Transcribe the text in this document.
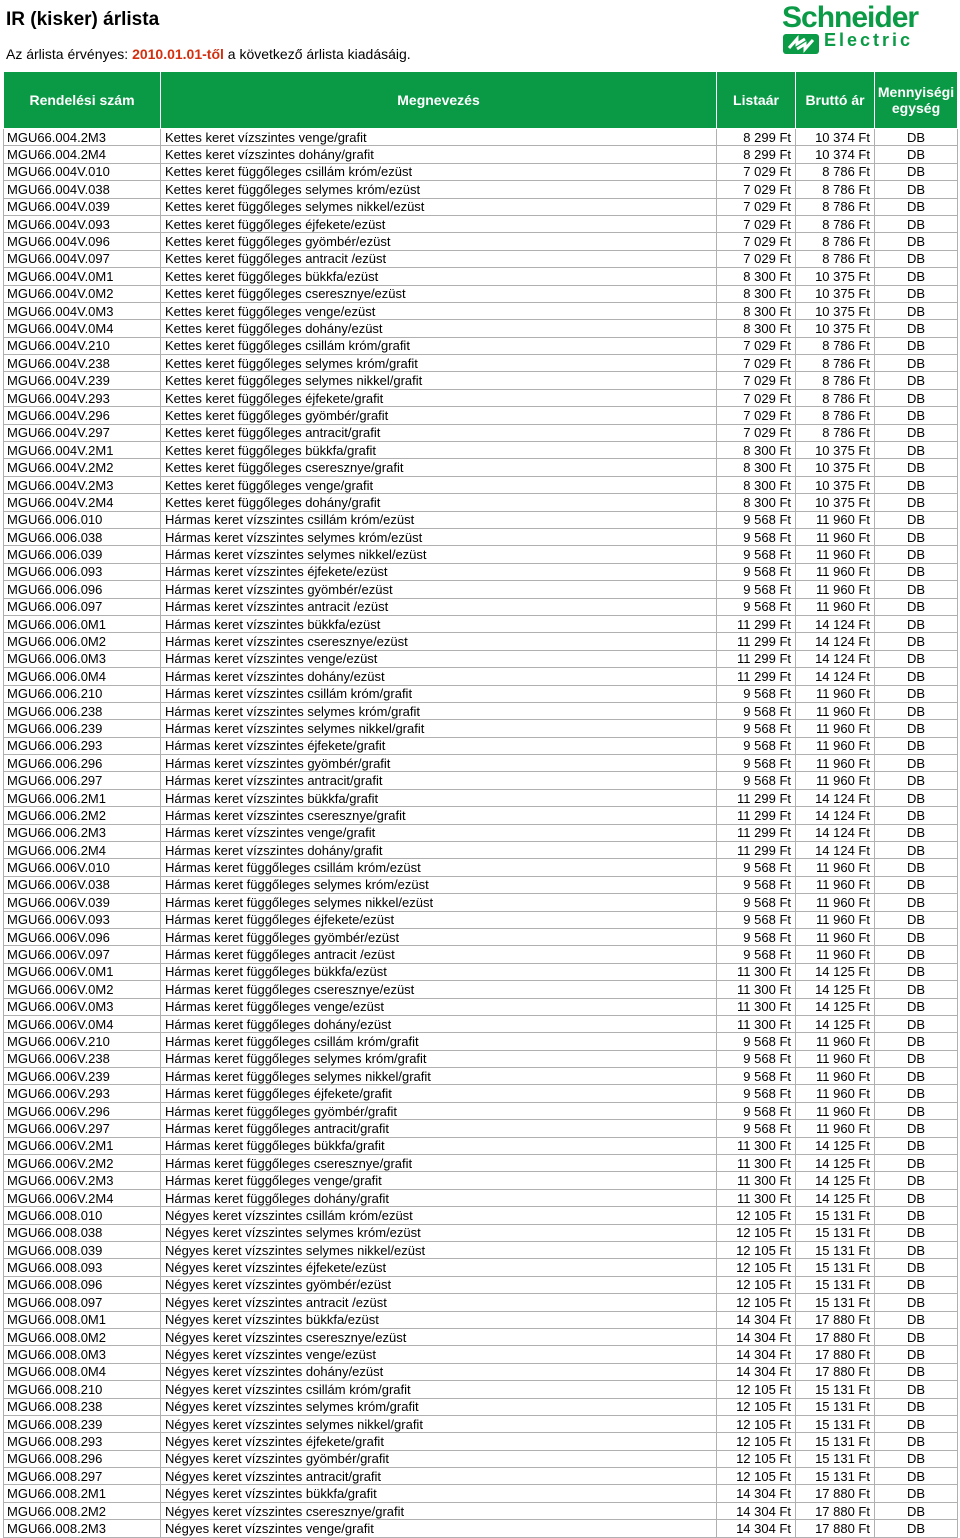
IR (kisker) árlista
Az árlista érvényes: 2010.01.01-től a következő árlista kiadásáig.
Schneider
Electric
Rendelési szám	Megnevezés	Listaár	Bruttó ár	Mennyiségi egység
MGU66.004.2M3	Kettes keret vízszintes venge/grafit	8 299 Ft	10 374 Ft	DB
MGU66.004.2M4	Kettes keret vízszintes dohány/grafit	8 299 Ft	10 374 Ft	DB
MGU66.004V.010	Kettes keret függőleges csillám króm/ezüst	7 029 Ft	8 786 Ft	DB
MGU66.004V.038	Kettes keret függőleges selymes króm/ezüst	7 029 Ft	8 786 Ft	DB
MGU66.004V.039	Kettes keret függőleges selymes nikkel/ezüst	7 029 Ft	8 786 Ft	DB
MGU66.004V.093	Kettes keret függőleges éjfekete/ezüst	7 029 Ft	8 786 Ft	DB
MGU66.004V.096	Kettes keret függőleges gyömbér/ezüst	7 029 Ft	8 786 Ft	DB
MGU66.004V.097	Kettes keret függőleges antracit /ezüst	7 029 Ft	8 786 Ft	DB
MGU66.004V.0M1	Kettes keret függőleges bükkfa/ezüst	8 300 Ft	10 375 Ft	DB
MGU66.004V.0M2	Kettes keret függőleges cseresznye/ezüst	8 300 Ft	10 375 Ft	DB
MGU66.004V.0M3	Kettes keret függőleges venge/ezüst	8 300 Ft	10 375 Ft	DB
MGU66.004V.0M4	Kettes keret függőleges dohány/ezüst	8 300 Ft	10 375 Ft	DB
MGU66.004V.210	Kettes keret függőleges csillám króm/grafit	7 029 Ft	8 786 Ft	DB
MGU66.004V.238	Kettes keret függőleges selymes króm/grafit	7 029 Ft	8 786 Ft	DB
MGU66.004V.239	Kettes keret függőleges selymes nikkel/grafit	7 029 Ft	8 786 Ft	DB
MGU66.004V.293	Kettes keret függőleges éjfekete/grafit	7 029 Ft	8 786 Ft	DB
MGU66.004V.296	Kettes keret függőleges gyömbér/grafit	7 029 Ft	8 786 Ft	DB
MGU66.004V.297	Kettes keret függőleges antracit/grafit	7 029 Ft	8 786 Ft	DB
MGU66.004V.2M1	Kettes keret függőleges bükkfa/grafit	8 300 Ft	10 375 Ft	DB
MGU66.004V.2M2	Kettes keret függőleges cseresznye/grafit	8 300 Ft	10 375 Ft	DB
MGU66.004V.2M3	Kettes keret függőleges venge/grafit	8 300 Ft	10 375 Ft	DB
MGU66.004V.2M4	Kettes keret függőleges dohány/grafit	8 300 Ft	10 375 Ft	DB
MGU66.006.010	Hármas keret vízszintes csillám króm/ezüst	9 568 Ft	11 960 Ft	DB
MGU66.006.038	Hármas keret vízszintes selymes króm/ezüst	9 568 Ft	11 960 Ft	DB
MGU66.006.039	Hármas keret vízszintes selymes nikkel/ezüst	9 568 Ft	11 960 Ft	DB
MGU66.006.093	Hármas keret vízszintes éjfekete/ezüst	9 568 Ft	11 960 Ft	DB
MGU66.006.096	Hármas keret vízszintes gyömbér/ezüst	9 568 Ft	11 960 Ft	DB
MGU66.006.097	Hármas keret vízszintes antracit /ezüst	9 568 Ft	11 960 Ft	DB
MGU66.006.0M1	Hármas keret vízszintes bükkfa/ezüst	11 299 Ft	14 124 Ft	DB
MGU66.006.0M2	Hármas keret vízszintes cseresznye/ezüst	11 299 Ft	14 124 Ft	DB
MGU66.006.0M3	Hármas keret vízszintes venge/ezüst	11 299 Ft	14 124 Ft	DB
MGU66.006.0M4	Hármas keret vízszintes dohány/ezüst	11 299 Ft	14 124 Ft	DB
MGU66.006.210	Hármas keret vízszintes csillám króm/grafit	9 568 Ft	11 960 Ft	DB
MGU66.006.238	Hármas keret vízszintes selymes króm/grafit	9 568 Ft	11 960 Ft	DB
MGU66.006.239	Hármas keret vízszintes selymes nikkel/grafit	9 568 Ft	11 960 Ft	DB
MGU66.006.293	Hármas keret vízszintes éjfekete/grafit	9 568 Ft	11 960 Ft	DB
MGU66.006.296	Hármas keret vízszintes gyömbér/grafit	9 568 Ft	11 960 Ft	DB
MGU66.006.297	Hármas keret vízszintes antracit/grafit	9 568 Ft	11 960 Ft	DB
MGU66.006.2M1	Hármas keret vízszintes bükkfa/grafit	11 299 Ft	14 124 Ft	DB
MGU66.006.2M2	Hármas keret vízszintes cseresznye/grafit	11 299 Ft	14 124 Ft	DB
MGU66.006.2M3	Hármas keret vízszintes venge/grafit	11 299 Ft	14 124 Ft	DB
MGU66.006.2M4	Hármas keret vízszintes dohány/grafit	11 299 Ft	14 124 Ft	DB
MGU66.006V.010	Hármas keret függőleges csillám króm/ezüst	9 568 Ft	11 960 Ft	DB
MGU66.006V.038	Hármas keret függőleges selymes króm/ezüst	9 568 Ft	11 960 Ft	DB
MGU66.006V.039	Hármas keret függőleges selymes nikkel/ezüst	9 568 Ft	11 960 Ft	DB
MGU66.006V.093	Hármas keret függőleges éjfekete/ezüst	9 568 Ft	11 960 Ft	DB
MGU66.006V.096	Hármas keret függőleges gyömbér/ezüst	9 568 Ft	11 960 Ft	DB
MGU66.006V.097	Hármas keret függőleges antracit /ezüst	9 568 Ft	11 960 Ft	DB
MGU66.006V.0M1	Hármas keret függőleges bükkfa/ezüst	11 300 Ft	14 125 Ft	DB
MGU66.006V.0M2	Hármas keret függőleges cseresznye/ezüst	11 300 Ft	14 125 Ft	DB
MGU66.006V.0M3	Hármas keret függőleges venge/ezüst	11 300 Ft	14 125 Ft	DB
MGU66.006V.0M4	Hármas keret függőleges dohány/ezüst	11 300 Ft	14 125 Ft	DB
MGU66.006V.210	Hármas keret függőleges csillám króm/grafit	9 568 Ft	11 960 Ft	DB
MGU66.006V.238	Hármas keret függőleges selymes króm/grafit	9 568 Ft	11 960 Ft	DB
MGU66.006V.239	Hármas keret függőleges selymes nikkel/grafit	9 568 Ft	11 960 Ft	DB
MGU66.006V.293	Hármas keret függőleges éjfekete/grafit	9 568 Ft	11 960 Ft	DB
MGU66.006V.296	Hármas keret függőleges gyömbér/grafit	9 568 Ft	11 960 Ft	DB
MGU66.006V.297	Hármas keret függőleges antracit/grafit	9 568 Ft	11 960 Ft	DB
MGU66.006V.2M1	Hármas keret függőleges bükkfa/grafit	11 300 Ft	14 125 Ft	DB
MGU66.006V.2M2	Hármas keret függőleges cseresznye/grafit	11 300 Ft	14 125 Ft	DB
MGU66.006V.2M3	Hármas keret függőleges venge/grafit	11 300 Ft	14 125 Ft	DB
MGU66.006V.2M4	Hármas keret függőleges dohány/grafit	11 300 Ft	14 125 Ft	DB
MGU66.008.010	Négyes keret vízszintes csillám króm/ezüst	12 105 Ft	15 131 Ft	DB
MGU66.008.038	Négyes keret vízszintes selymes króm/ezüst	12 105 Ft	15 131 Ft	DB
MGU66.008.039	Négyes keret vízszintes selymes nikkel/ezüst	12 105 Ft	15 131 Ft	DB
MGU66.008.093	Négyes keret vízszintes éjfekete/ezüst	12 105 Ft	15 131 Ft	DB
MGU66.008.096	Négyes keret vízszintes gyömbér/ezüst	12 105 Ft	15 131 Ft	DB
MGU66.008.097	Négyes keret vízszintes antracit /ezüst	12 105 Ft	15 131 Ft	DB
MGU66.008.0M1	Négyes keret vízszintes bükkfa/ezüst	14 304 Ft	17 880 Ft	DB
MGU66.008.0M2	Négyes keret vízszintes cseresznye/ezüst	14 304 Ft	17 880 Ft	DB
MGU66.008.0M3	Négyes keret vízszintes venge/ezüst	14 304 Ft	17 880 Ft	DB
MGU66.008.0M4	Négyes keret vízszintes dohány/ezüst	14 304 Ft	17 880 Ft	DB
MGU66.008.210	Négyes keret vízszintes csillám króm/grafit	12 105 Ft	15 131 Ft	DB
MGU66.008.238	Négyes keret vízszintes selymes króm/grafit	12 105 Ft	15 131 Ft	DB
MGU66.008.239	Négyes keret vízszintes selymes nikkel/grafit	12 105 Ft	15 131 Ft	DB
MGU66.008.293	Négyes keret vízszintes éjfekete/grafit	12 105 Ft	15 131 Ft	DB
MGU66.008.296	Négyes keret vízszintes gyömbér/grafit	12 105 Ft	15 131 Ft	DB
MGU66.008.297	Négyes keret vízszintes antracit/grafit	12 105 Ft	15 131 Ft	DB
MGU66.008.2M1	Négyes keret vízszintes bükkfa/grafit	14 304 Ft	17 880 Ft	DB
MGU66.008.2M2	Négyes keret vízszintes cseresznye/grafit	14 304 Ft	17 880 Ft	DB
MGU66.008.2M3	Négyes keret vízszintes venge/grafit	14 304 Ft	17 880 Ft	DB
